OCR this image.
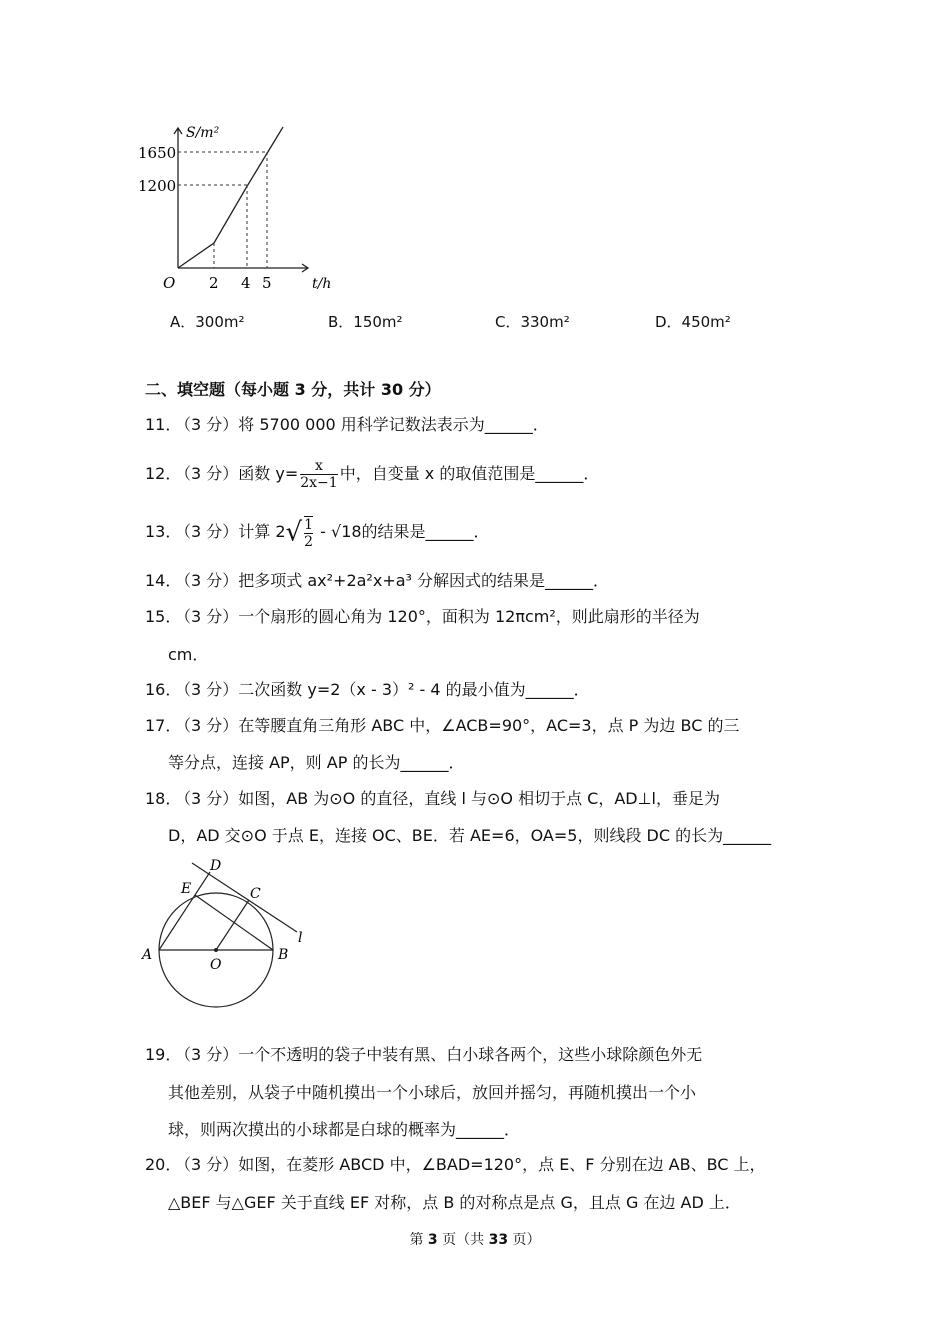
S/m²
1650
1200
O 2 4 5	t/h
A．300m²	B．150m²	C．330m²	D．450m²
二、填空题（每小题 3 分，共计 30 分）
11．（3 分）将 5700 000 用科学记数法表示为______．
12．（3 分）函数 $y= \frac{x}{2x-1}$ 中，自变量 x 的取值范围是______．
13．（3 分）计算 $2√ \frac{1}{2} - √18$的结果是______．
14．（3 分）把多项式 ax²+2a²x+a³ 分解因式的结果是______．
15．（3 分）一个扇形的圆心角为 120°，面积为 12πcm²，则此扇形的半径为
cm．
16．（3 分）二次函数 y=2（x - 3）² - 4 的最小值为______．
17．（3 分）在等腰直角三角形 ABC 中，∠ACB=90°，AC=3，点 P 为边 BC 的三
等分点，连接 AP，则 AP 的长为______．
18．（3 分）如图，AB 为⊙O 的直径，直线 l 与⊙O 相切于点 C，AD⊥l，垂足为
D，AD 交⊙O 于点 E，连接 OC、BE．若 AE=6，OA=5，则线段 DC 的长为______
D
E	C
A
O
B
l
19．（3 分）一个不透明的袋子中装有黑、白小球各两个，这些小球除颜色外无
其他差别，从袋子中随机摸出一个小球后，放回并摇匀，再随机摸出一个小
球，则两次摸出的小球都是白球的概率为______．
20．（3 分）如图，在菱形 ABCD 中，∠BAD=120°，点 E、F 分别在边 AB、BC 上，
△BEF 与△GEF 关于直线 EF 对称，点 B 的对称点是点 G，且点 G 在边 AD 上．
第 3 页（共 33 页）
